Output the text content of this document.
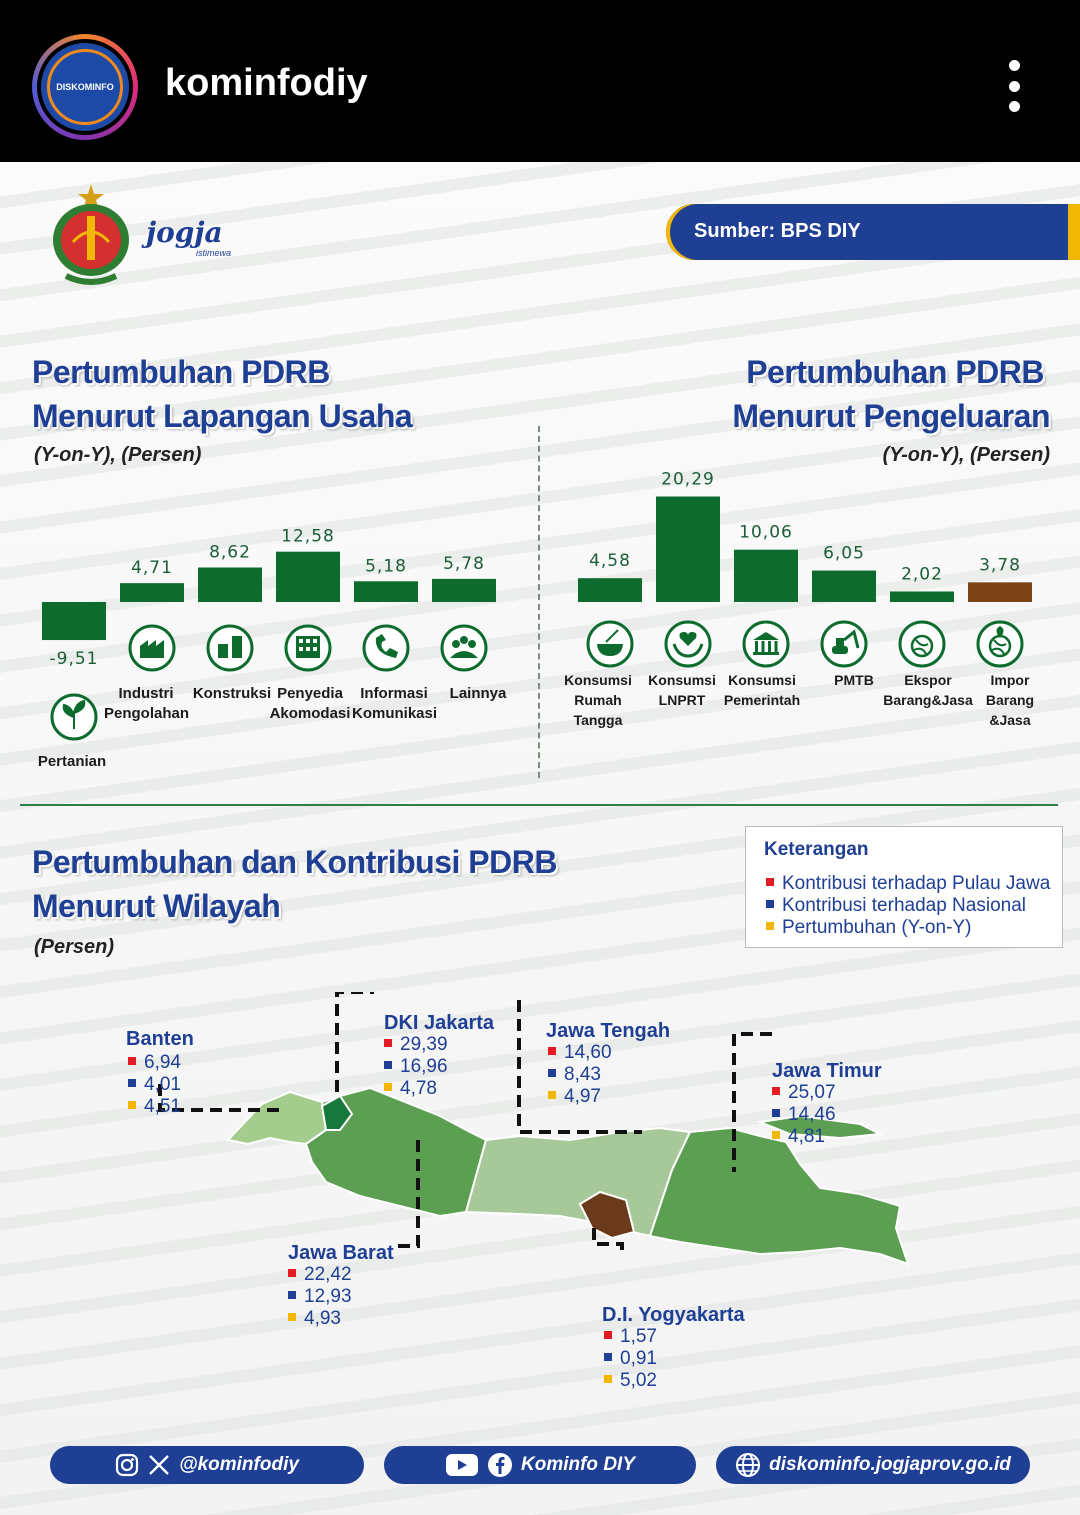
DISKOMINFO kominfodiy
jogja
istimewa
Sumber: BPS DIY
Pertumbuhan PDRB
Menurut Lapangan Usaha
(Y-on-Y), (Persen)
Pertumbuhan PDRB
Menurut Pengeluaran
(Y-on-Y), (Persen)
-9,51
4,71
8,62
12,58
5,18 5,78	4,58
20,29
10,06
6,05
2,02 3,78
Pertumbuhan dan Kontribusi PDRB
Menurut Wilayah
(Persen)
Keterangan
Kontribusi terhadap Pulau Jawa
Kontribusi terhadap Nasional
Pertumbuhan (Y-on-Y)
Banten
6,94
4,01
4,51
DKI Jakarta
29,39
16,96
4,78
Jawa Tengah
14,60
8,43
4,97
Jawa Timur
25,07
14,46
4,81
Jawa Barat
22,42
12,93
4,93	D.I. Yogyakarta
1,57
0,91
5,02
@kominfodiy	Kominfo DIY	diskominfo.jogjaprov.go.id
Pertanian
Industri Pengolahan
Konstruksi Penyedia Akomodasi
Informasi Komunikasi
Lainnya
Konsumsi Rumah Tangga
Konsumsi LNPRT
Konsumsi Pemerintah
PMTB	Ekspor Barang&Jasa
Impor Barang &Jasa
